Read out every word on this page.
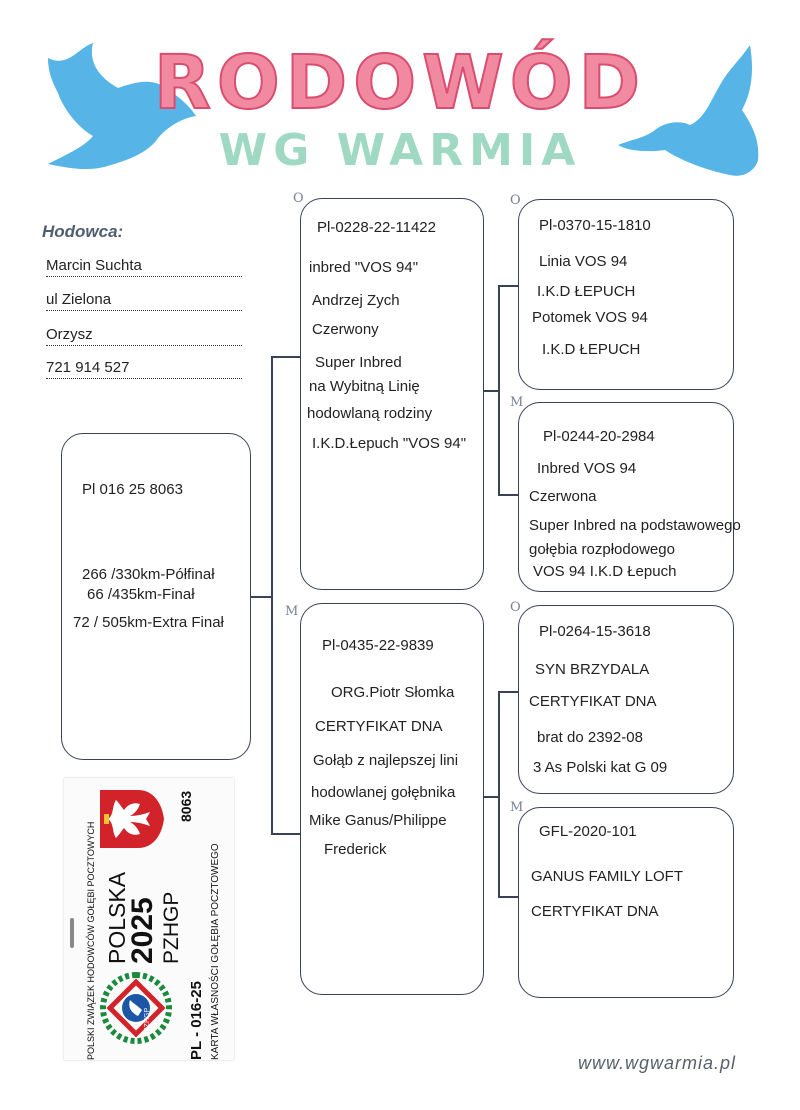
RODOWÓD
WG WARMIA
Hodowca:
Marcin Suchta
ul Zielona
Orzysz
721 914 527
Pl 016 25 8063
266 /330km-Półfinał
66 /435km-Finał
72 / 505km-Extra Finał
O
Pl-0228-22-11422
inbred "VOS 94"
Andrzej Zych
Czerwony
Super Inbred
na Wybitną Linię
hodowlaną rodziny
I.K.D.Łepuch "VOS 94"
M
Pl-0435-22-9839
ORG.Piotr Słomka
CERTYFIKAT DNA
Gołąb z najlepszej lini
hodowlanej gołębnika
Mike Ganus/Philippe
Frederick
O
Pl-0370-15-1810
Linia VOS 94
I.K.D ŁEPUCH
Potomek VOS 94
I.K.D ŁEPUCH
M
Pl-0244-20-2984
Inbred VOS 94
Czerwona
Super Inbred na podstawowego
gołębia rozpłodowego
VOS 94 I.K.D Łepuch
O
Pl-0264-15-3618
SYN BRZYDALA
CERTYFIKAT DNA
brat do 2392-08
3 As Polski kat G 09
M
GFL-2020-101
GANUS FAMILY LOFT
CERTYFIKAT DNA
POLSKI ZWIĄZEK HODOWCÓW GOŁĘBI POCZTOWYCH POLSKA
2025 PZHGP
PL - 016-25 KARTA WŁASNOŚCI GOŁĘBIA POCZTOWEGO
8063
PZHGP
www.wgwarmia.pl
